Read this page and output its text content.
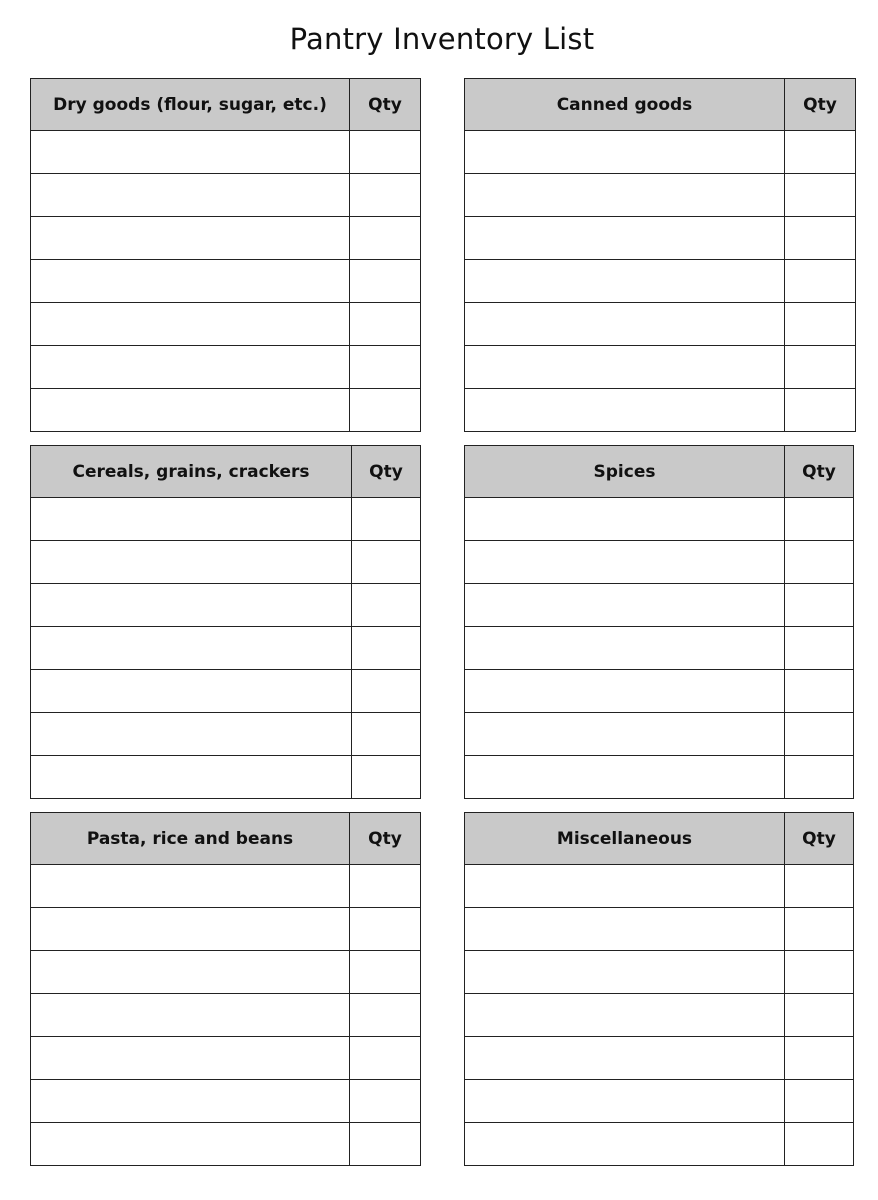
Pantry Inventory List
Dry goods (flour, sugar, etc.)	Qty

		Canned goods	Qty

Cereals, grains, crackers	Qty

		Spices	Qty

Pasta, rice and beans	Qty

		Miscellaneous	Qty
